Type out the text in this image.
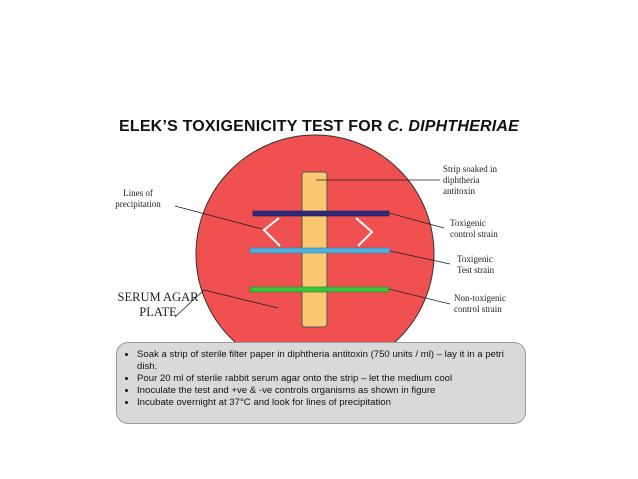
ELEK’S TOXIGENICITY TEST FOR C. DIPHTHERIAE
Strip soaked in
diphtheria
antitoxin
Lines of
precipitation
Toxigenic
control strain
Toxigenic
Test strain
Non-toxigenic
control strain
SERUM AGAR
PLATE
• Soak a strip of sterile filter paper in diphtheria antitoxin (750 units / ml) – lay it in a petri dish.
• Pour 20 ml of sterile rabbit serum agar onto the strip – let the medium cool
• Inoculate the test and +ve & -ve controls organisms as shown in figure
• Incubate overnight at 37°C and look for lines of precipitation
